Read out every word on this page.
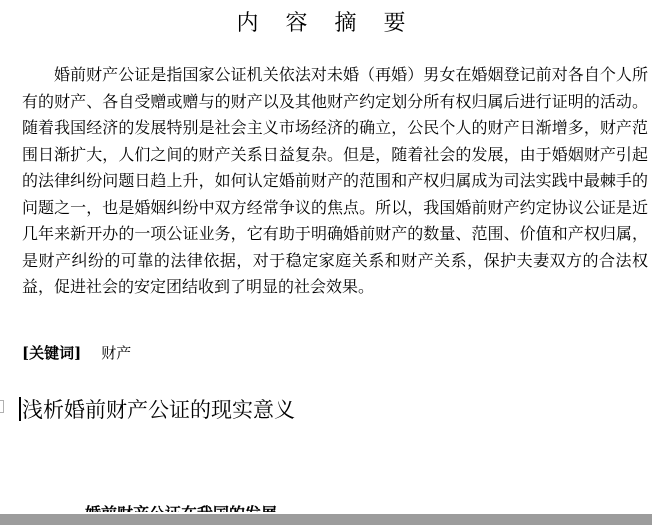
内 容 摘 要

婚前财产公证是指国家公证机关依法对未婚（再婚）男女在婚姻登记前对各自个人所有的财产、各自受赠或赠与的财产以及其他财产约定划分所有权归属后进行证明的活动。随着我国经济的发展特别是社会主义市场经济的确立，公民个人的财产日渐增多，财产范围日渐扩大，人们之间的财产关系日益复杂。但是，随着社会的发展，由于婚姻财产引起的法律纠纷问题日趋上升，如何认定婚前财产的范围和产权归属成为司法实践中最棘手的问题之一，也是婚姻纠纷中双方经常争议的焦点。所以，我国婚前财产约定协议公证是近几年来新开办的一项公证业务，它有助于明确婚前财产的数量、范围、价值和产权归属，是财产纠纷的可靠的法律依据，对于稳定家庭关系和财产关系，保护夫妻双方的合法权益，促进社会的安定团结收到了明显的社会效果。

[关键词] 财产
浅析婚前财产公证的现实意义
